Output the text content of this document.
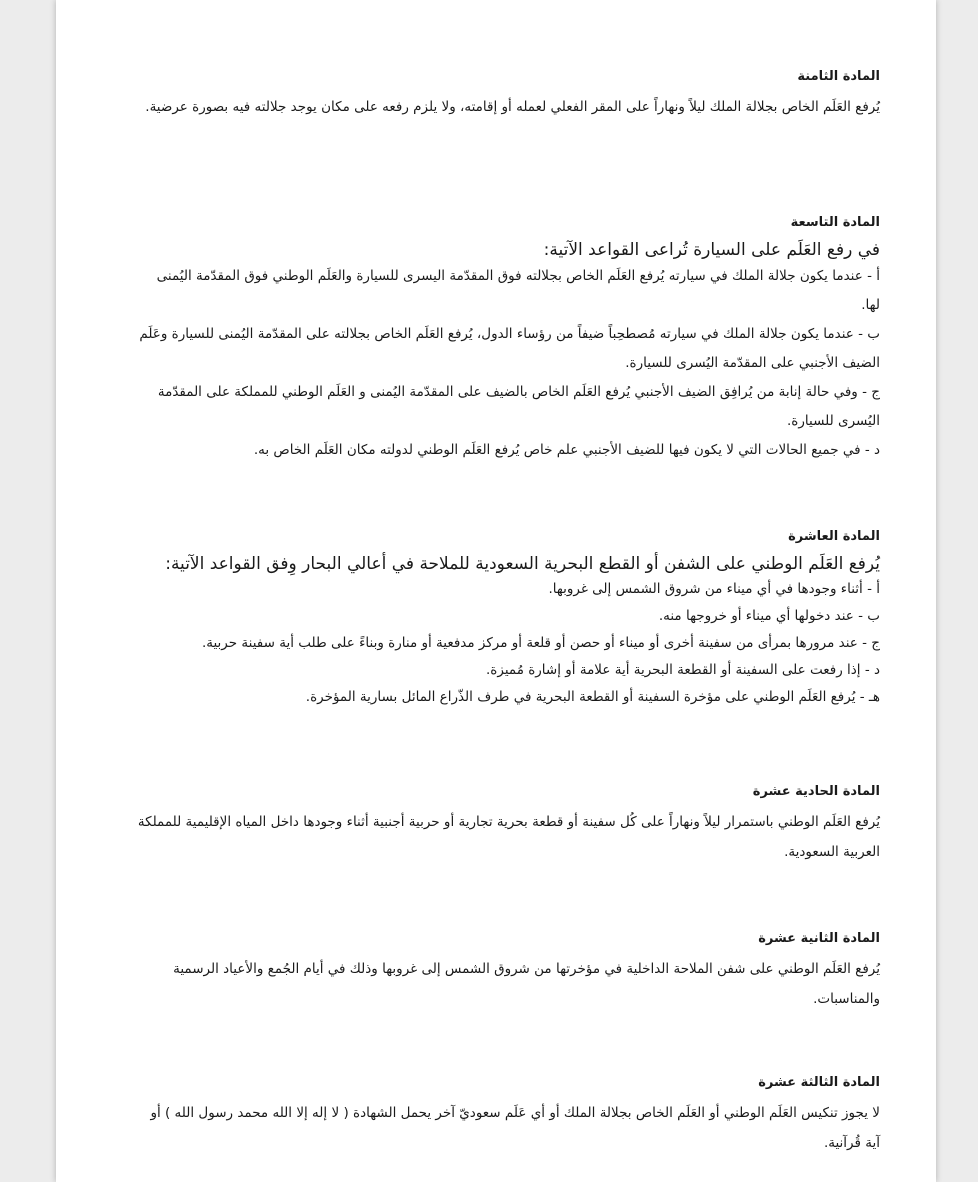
المادة الثامنة

يُرفع العَلَم الخاص بجلالة الملك ليلاً ونهاراً على المقر الفعلي لعمله أو إقامته، ولا يلزم رفعه على مكان يوجد جلالته فيه بصورة عرضية.

المادة التاسعة

في رفع العَلَم على السيارة تُراعى القواعد الآتية:

أ - عندما يكون جلالة الملك في سيارته يُرفع العَلَم الخاص بجلالته فوق المقدّمة اليسرى للسيارة والعَلَم الوطني فوق المقدّمة اليُمنى لها.

ب - عندما يكون جلالة الملك في سيارته مُصطحِباً ضيفاً من رؤساء الدول، يُرفع العَلَم الخاص بجلالته على المقدّمة اليُمنى للسيارة وعَلَم الضيف الأجنبي على المقدّمة اليُسرى للسيارة.

ج - وفي حالة إنابة من يُرافِق الضيف الأجنبي يُرفع العَلَم الخاص بالضيف على المقدّمة اليُمنى و العَلَم الوطني للمملكة على المقدّمة اليُسرى للسيارة.

د - في جميع الحالات التي لا يكون فيها للضيف الأجنبي علم خاص يُرفع العَلَم الوطني لدولته مكان العَلَم الخاص به.

المادة العاشرة

يُرفع العَلَم الوطني على الشفن أو القطع البحرية السعودية للملاحة في أعالي البحار وِفق القواعد الآتية:

أ - أثناء وجودها في أي ميناء من شروق الشمس إلى غروبها.

ب - عند دخولها أي ميناء أو خروجها منه.

ج - عند مرورها بمرأى من سفينة أخرى أو ميناء أو حصن أو قلعة أو مركز مدفعية أو منارة وبناءً على طلب أية سفينة حربية.

د - إذا رفعت على السفينة أو القطعة البحرية أية علامة أو إشارة مُميزة.

هـ - يُرفع العَلَم الوطني على مؤخرة السفينة أو القطعة البحرية في طرف الذّراع المائل بسارية المؤخرة.

المادة الحادية عشرة

يُرفع العَلَم الوطني باستمرار ليلاً ونهاراً على كُل سفينة أو قطعة بحرية تجارية أو حربية أجنبية أثناء وجودها داخل المياه الإقليمية للمملكة العربية السعودية.

المادة الثانية عشرة

يُرفع العَلَم الوطني على شفن الملاحة الداخلية في مؤخرتها من شروق الشمس إلى غروبها وذلك في أيام الجُمع والأعياد الرسمية والمناسبات.

المادة الثالثة عشرة

لا يجوز تنكيس العَلَم الوطني أو العَلَم الخاص بجلالة الملك أو أي عَلَم سعوديّ آخر يحمل الشهادة ( لا إله إلا الله محمد رسول الله ) أو آية قُرآنية.
